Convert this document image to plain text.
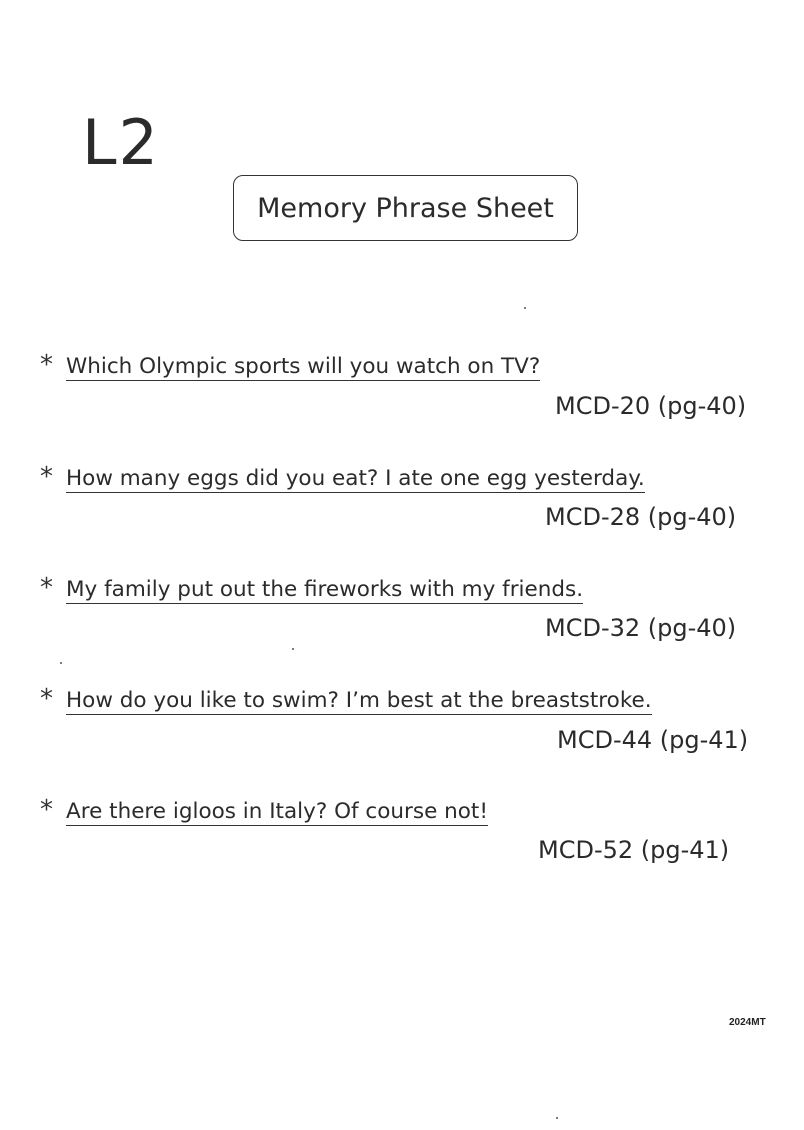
L2
Memory Phrase Sheet
* Which Olympic sports will you watch on TV?
MCD-20 (pg-40)
* How many eggs did you eat? I ate one egg yesterday.
MCD-28 (pg-40)
* My family put out the fireworks with my friends.
MCD-32 (pg-40)
* How do you like to swim? I’m best at the breaststroke.
MCD-44 (pg-41)
* Are there igloos in Italy? Of course not!
MCD-52 (pg-41)
2024MT
